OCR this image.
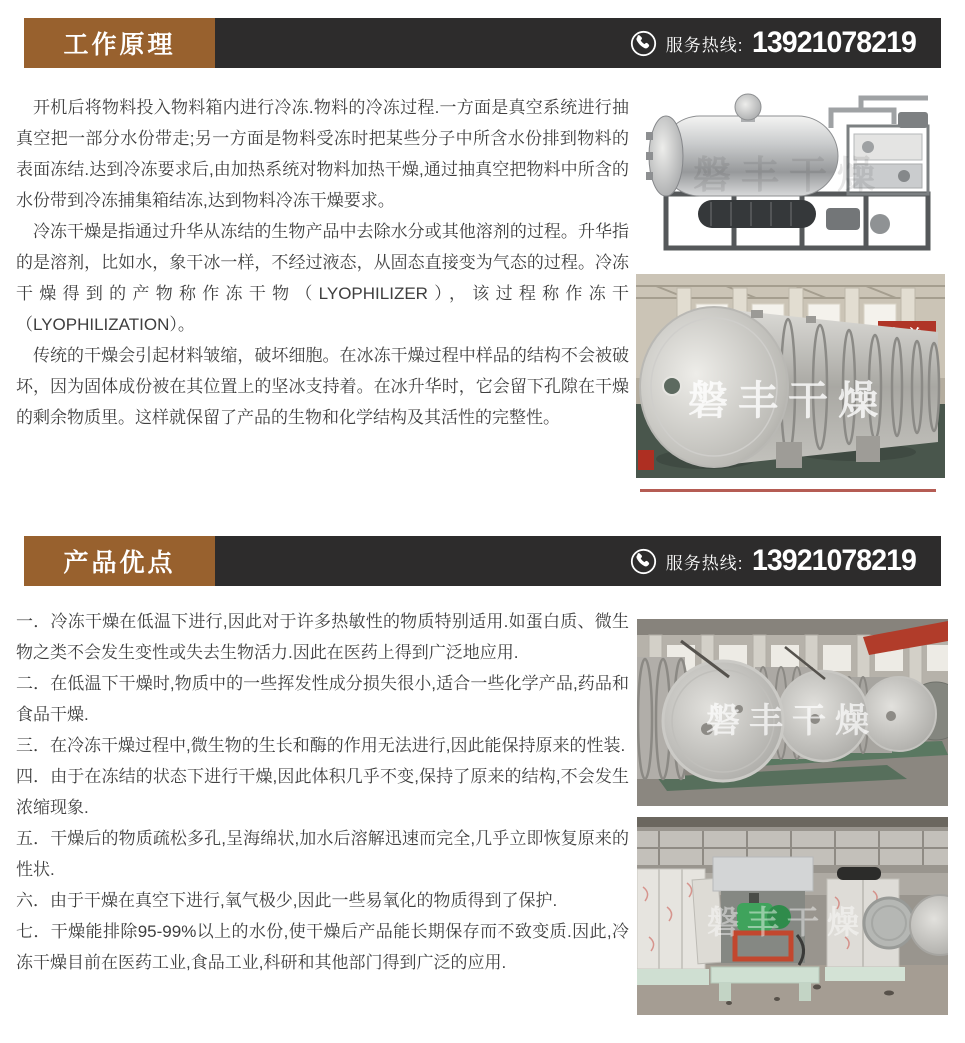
工作原理	服务热线: 13921078219

开机后将物料投入物料箱内进行冷冻.物料的冷冻过程.一方面是真空系统进行抽真空把一部分水份带走;另一方面是物料受冻时把某些分子中所含水份排到物料的表面冻结.达到冷冻要求后,由加热系统对物料加热干燥,通过抽真空把物料中所含的水份带到冷冻捕集箱结冻,达到物料冷冻干燥要求。

冷冻干燥是指通过升华从冻结的生物产品中去除水分或其他溶剂的过程。升华指的是溶剂，比如水，象干冰一样，不经过液态，从固态直接变为气态的过程。冷冻干燥得到的产物称作冻干物（LYOPHILIZER），该过程称作冻干（LYOPHILIZATION）。

传统的干燥会引起材料皱缩，破坏细胞。在冰冻干燥过程中样品的结构不会被破坏，因为固体成份被在其位置上的坚冰支持着。在冰升华时，它会留下孔隙在干燥的剩余物质里。这样就保留了产品的生物和化学结构及其活性的完整性。

磐丰干燥
磐丰干燥
产品优点	服务热线: 13921078219

一．冷冻干燥在低温下进行,因此对于许多热敏性的物质特别适用.如蛋白质、微生物之类不会发生变性或失去生物活力.因此在医药上得到广泛地应用.

二．在低温下干燥时,物质中的一些挥发性成分损失很小,适合一些化学产品,药品和食品干燥.

三．在冷冻干燥过程中,微生物的生长和酶的作用无法进行,因此能保持原来的性装.

四．由于在冻结的状态下进行干燥,因此体积几乎不变,保持了原来的结构,不会发生浓缩现象.

五．干燥后的物质疏松多孔,呈海绵状,加水后溶解迅速而完全,几乎立即恢复原来的性状.

六．由于干燥在真空下进行,氧气极少,因此一些易氧化的物质得到了保护.

七．干燥能排除95-99%以上的水份,使干燥后产品能长期保存而不致变质.因此,冷冻干燥目前在医药工业,食品工业,科研和其他部门得到广泛的应用.

磐丰干燥
磐丰干燥
